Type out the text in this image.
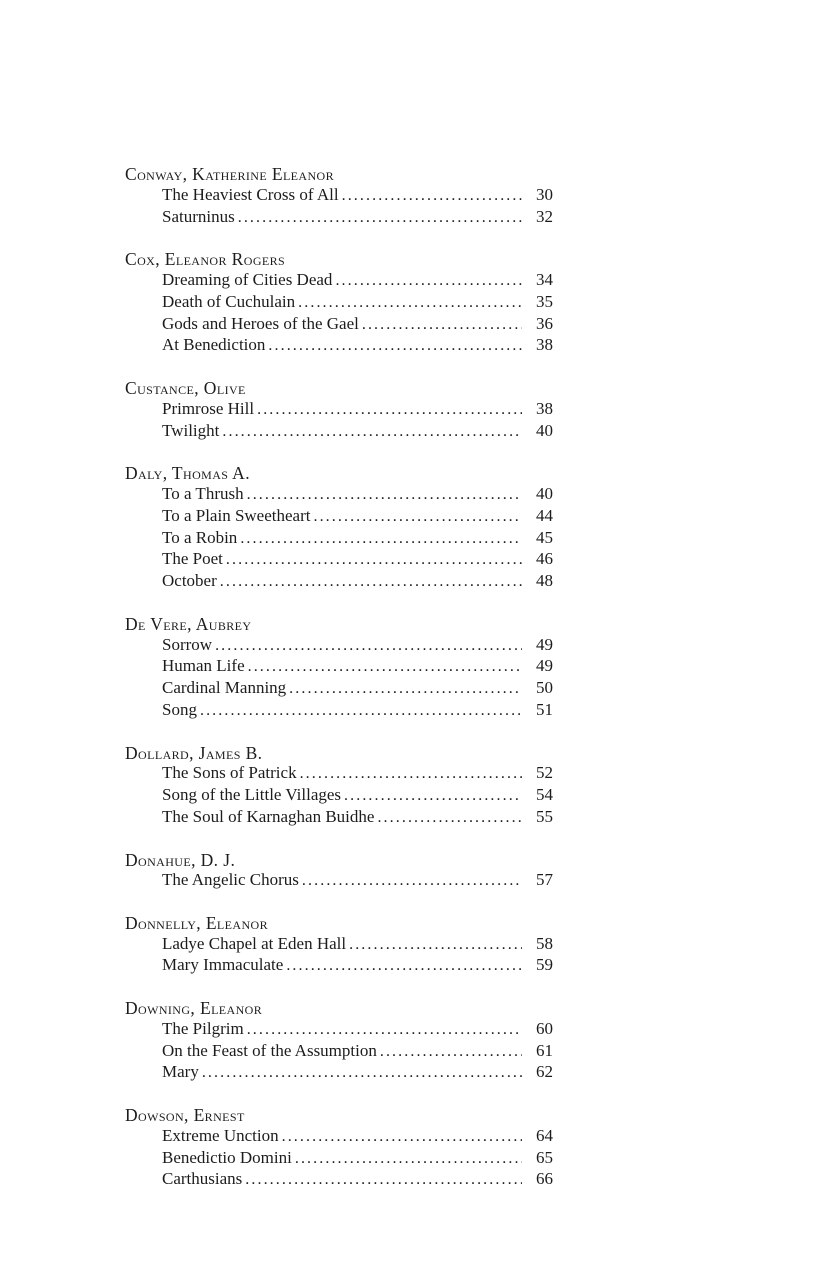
Conway, Katherine Eleanor
The Heaviest Cross of All .....	30
Saturninus .....	32
Cox, Eleanor Rogers
Dreaming of Cities Dead .....	34
Death of Cuchulain .....	35
Gods and Heroes of the Gael .....	36
At Benediction .....	38
Custance, Olive
Primrose Hill .....	38
Twilight .....	40
Daly, Thomas A.
To a Thrush .....	40
To a Plain Sweetheart .....	44
To a Robin .....	45
The Poet .....	46
October .....	48
De Vere, Aubrey
Sorrow .....	49
Human Life .....	49
Cardinal Manning .....	50
Song .....	51
Dollard, James B.
The Sons of Patrick .....	52
Song of the Little Villages .....	54
The Soul of Karnaghan Buidhe .....	55
Donahue, D. J.
The Angelic Chorus .....	57
Donnelly, Eleanor
Ladye Chapel at Eden Hall .....	58
Mary Immaculate .....	59
Downing, Eleanor
The Pilgrim .....	60
On the Feast of the Assumption .....	61
Mary .....	62
Dowson, Ernest
Extreme Unction .....	64
Benedictio Domini .....	65
Carthusians .....	66
